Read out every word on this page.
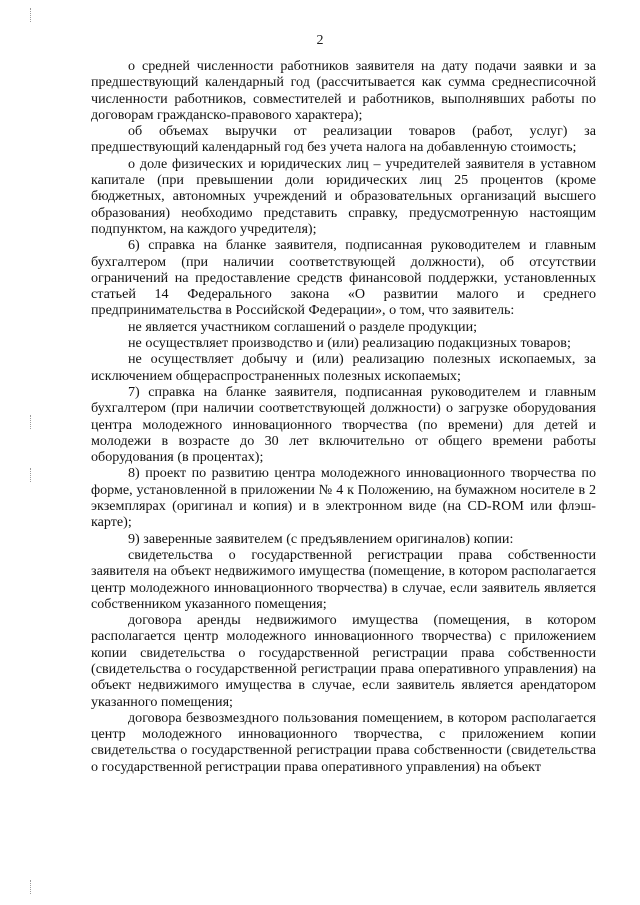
2

о средней численности работников заявителя на дату подачи заявки и за предшествующий календарный год (рассчитывается как сумма среднесписочной численности работников, совместителей и работников, выполнявших работы по договорам гражданско-правового характера);

об объемах выручки от реализации товаров (работ, услуг) за предшествующий календарный год без учета налога на добавленную стоимость;

о доле физических и юридических лиц – учредителей заявителя в уставном капитале (при превышении доли юридических лиц 25 процентов (кроме бюджетных, автономных учреждений и образовательных организаций высшего образования) необходимо представить справку, предусмотренную настоящим подпунктом, на каждого учредителя);

6) справка на бланке заявителя, подписанная руководителем и главным бухгалтером (при наличии соответствующей должности), об отсутствии ограничений на предоставление средств финансовой поддержки, установленных статьей 14 Федерального закона «О развитии малого и среднего предпринимательства в Российской Федерации», о том, что заявитель:

не является участником соглашений о разделе продукции;

не осуществляет производство и (или) реализацию подакцизных товаров;

не осуществляет добычу и (или) реализацию полезных ископаемых, за исключением общераспространенных полезных ископаемых;

7) справка на бланке заявителя, подписанная руководителем и главным бухгалтером (при наличии соответствующей должности) о загрузке оборудования центра молодежного инновационного творчества (по времени) для детей и молодежи в возрасте до 30 лет включительно от общего времени работы оборудования (в процентах);

8) проект по развитию центра молодежного инновационного творчества по форме, установленной в приложении № 4 к Положению, на бумажном носителе в 2 экземплярах (оригинал и копия) и в электронном виде (на CD-ROM или флэш-карте);

9) заверенные заявителем (с предъявлением оригиналов) копии:

свидетельства о государственной регистрации права собственности заявителя на объект недвижимого имущества (помещение, в котором располагается центр молодежного инновационного творчества) в случае, если заявитель является собственником указанного помещения;

договора аренды недвижимого имущества (помещения, в котором располагается центр молодежного инновационного творчества) с приложением копии свидетельства о государственной регистрации права собственности (свидетельства о государственной регистрации права оперативного управления) на объект недвижимого имущества в случае, если заявитель является арендатором указанного помещения;

договора безвозмездного пользования помещением, в котором располагается центр молодежного инновационного творчества, с приложением копии свидетельства о государственной регистрации права собственности (свидетельства о государственной регистрации права оперативного управления) на объект
